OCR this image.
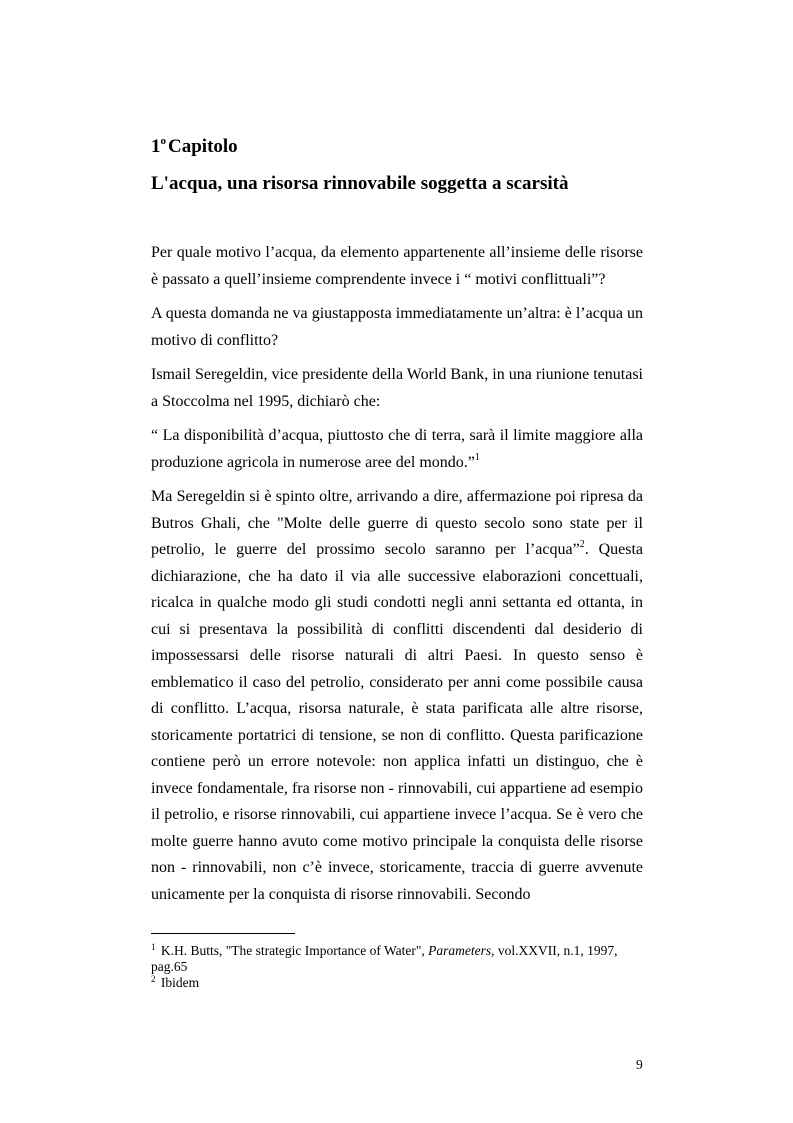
1$^o$ Capitolo
L'acqua, una risorsa rinnovabile soggetta a scarsità

Per quale motivo l’acqua, da elemento appartenente all’insieme delle risorse è passato a quell’insieme comprendente invece i “ motivi conflittuali”?

A questa domanda ne va giustapposta immediatamente un’altra: è l’acqua un motivo di conflitto?

Ismail Seregeldin, vice presidente della World Bank, in una riunione tenutasi a Stoccolma nel 1995, dichiarò che:

“ La disponibilità d’acqua, piuttosto che di terra, sarà il limite maggiore alla produzione agricola in numerose aree del mondo.”$^1$

Ma Seregeldin si è spinto oltre, arrivando a dire, affermazione poi ripresa da Butros Ghali, che "Molte delle guerre di questo secolo sono state per il petrolio, le guerre del prossimo secolo saranno per l’acqua”$^2$. Questa dichiarazione, che ha dato il via alle successive elaborazioni concettuali, ricalca in qualche modo gli studi condotti negli anni settanta ed ottanta, in cui si presentava la possibilità di conflitti discendenti dal desiderio di impossessarsi delle risorse naturali di altri Paesi. In questo senso è emblematico il caso del petrolio, considerato per anni come possibile causa di conflitto. L’acqua, risorsa naturale, è stata parificata alle altre risorse, storicamente portatrici di tensione, se non di conflitto. Questa parificazione contiene però un errore notevole: non applica infatti un distinguo, che è invece fondamentale, fra risorse non - rinnovabili, cui appartiene ad esempio il petrolio, e risorse rinnovabili, cui appartiene invece l’acqua. Se è vero che molte guerre hanno avuto come motivo principale la conquista delle risorse non - rinnovabili, non c’è invece, storicamente, traccia di guerre avvenute unicamente per la conquista di risorse rinnovabili. Secondo

$^1$ K.H. Butts, "The strategic Importance of Water", Parameters, vol.XXVII, n.1, 1997, pag.65

$^2$ Ibidem

9
